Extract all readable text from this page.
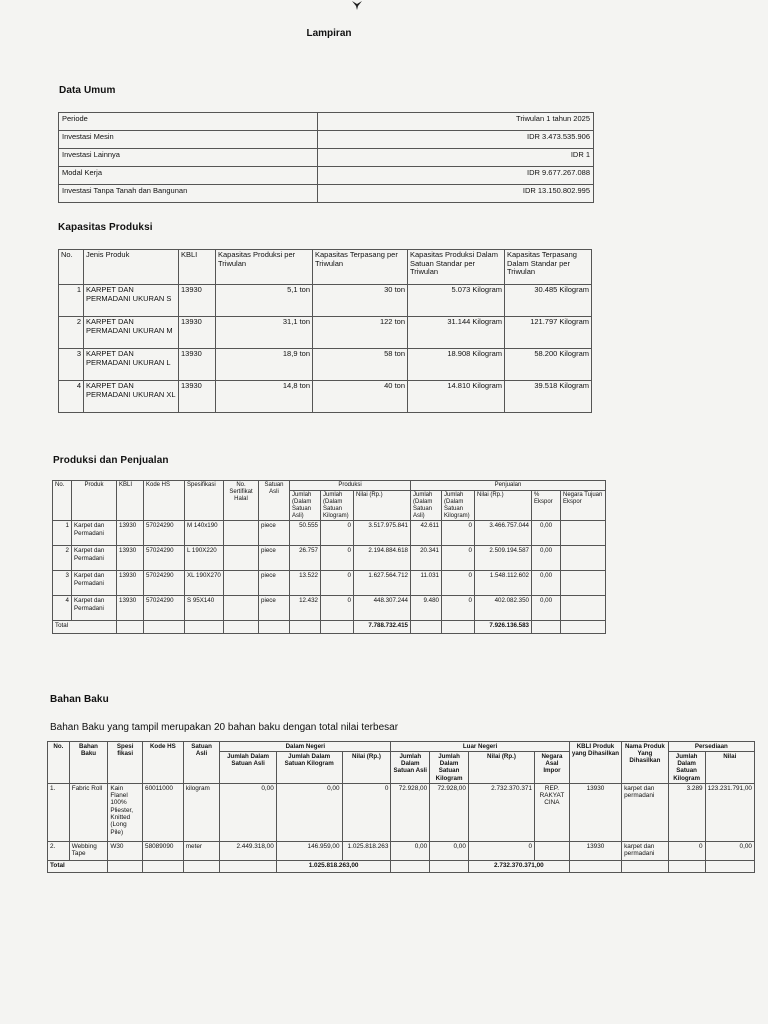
Lampiran
Data Umum
Periode	Triwulan 1 tahun 2025
Investasi Mesin	IDR 3.473.535.906
Investasi Lainnya	IDR 1
Modal Kerja	IDR 9.677.267.088
Investasi Tanpa Tanah dan Bangunan	IDR 13.150.802.995
Kapasitas Produksi
No.	Jenis Produk	KBLI	Kapasitas Produksi per Triwulan	Kapasitas Terpasang per Triwulan	Kapasitas Produksi Dalam Satuan Standar per Triwulan	Kapasitas Terpasang Dalam Standar per Triwulan
1	KARPET DAN PERMADANI UKURAN S	13930	5,1 ton	30 ton	5.073 Kilogram	30.485 Kilogram
2	KARPET DAN PERMADANI UKURAN M	13930	31,1 ton	122 ton	31.144 Kilogram	121.797 Kilogram
3	KARPET DAN PERMADANI UKURAN L	13930	18,9 ton	58 ton	18.908 Kilogram	58.200 Kilogram
4	KARPET DAN PERMADANI UKURAN XL	13930	14,8 ton	40 ton	14.810 Kilogram	39.518 Kilogram
Produksi dan Penjualan
No.	Produk	KBLI	Kode HS	Spesifikasi	No. Sertifikat Halal	Satuan Asli	Produksi			Penjualan				
							Jumlah (Dalam Satuan Asli)	Jumlah (Dalam Satuan Kilogram)	Nilai (Rp.)	Jumlah (Dalam Satuan Asli)	Jumlah (Dalam Satuan Kilogram)	Nilai (Rp.)	% Ekspor	Negara Tujuan Ekspor
1	Karpet dan Permadani	13930	57024290	M 140x190		piece	50.555	0	3.517.975.841	42.611	0	3.466.757.044	0,00	
2	Karpet dan Permadani	13930	57024290	L 190X220		piece	26.757	0	2.194.884.618	20.341	0	2.509.194.587	0,00	
3	Karpet dan Permadani	13930	57024290	XL 190X270		piece	13.522	0	1.627.564.712	11.031	0	1.548.112.602	0,00	
4	Karpet dan Permadani	13930	57024290	S 95X140		piece	12.432	0	448.307.244	9.480	0	402.082.350	0,00	
Total									7.788.732.415			7.926.136.583		
Bahan Baku
Bahan Baku yang tampil merupakan 20 bahan baku dengan total nilai terbesar
No.	Bahan Baku	Spesi fikasi	Kode HS	Satuan Asli	Dalam Negeri			Luar Negeri				KBLI Produk yang Dihasilkan	Nama Produk Yang Dihasilkan	Persediaan	
					Jumlah Dalam Satuan Asli	Jumlah Dalam Satuan Kilogram	Nilai (Rp.)	Jumlah Dalam Satuan Asli	Jumlah Dalam Satuan Kilogram	Nilai (Rp.)	Negara Asal Impor			Jumlah Dalam Satuan Kilogram	Nilai
1.	Fabric Roll	Kain Flanel 100% Pliester, Knitted (Long Pile)	60011000	kilogram	0,00	0,00	0	72.928,00	72.928,00	2.732.370.371	REP. RAKYAT CINA	13930	karpet dan permadani	3.289	123.231.791,00
2.	Webbing Tape	W30	58089090	meter	2.449.318,00	146.959,00	1.025.818.263	0,00	0,00	0		13930	karpet dan permadani	0	0,00
Total						1.025.818.263,00				2.732.370.371,00					
